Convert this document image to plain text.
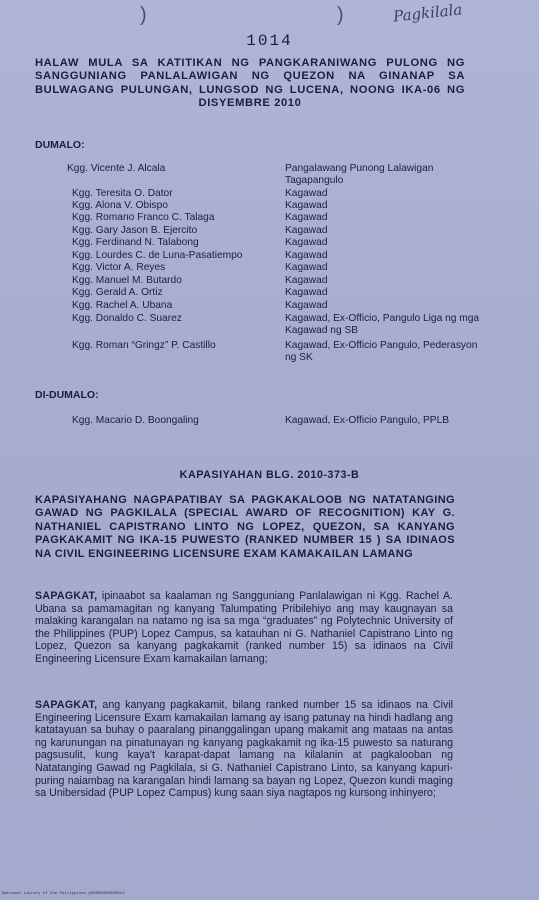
)	)	Pagkilala
1014
HALAW MULA SA KATITIKAN NG PANGKARANIWANG PULONG NG SANGGUNIANG PANLALAWIGAN NG QUEZON NA GINANAP SA BULWAGANG PULUNGAN, LUNGSOD NG LUCENA, NOONG IKA-06 NG DISYEMBRE 2010
DUMALO:
Kgg. Vicente J. Alcala	Pangalawang Punong Lalawigan Tagapangulo
Kgg. Teresita O. Dator	Kagawad
Kgg. Alona V. Obispo	Kagawad
Kgg. Romano Franco C. Talaga	Kagawad
Kgg. Gary Jason B. Ejercito	Kagawad
Kgg. Ferdinand N. Talabong	Kagawad
Kgg. Lourdes C. de Luna-Pasatiempo	Kagawad
Kgg. Victor A. Reyes	Kagawad
Kgg. Manuel M. Butardo	Kagawad
Kgg. Gerald A. Ortiz	Kagawad
Kgg. Rachel A. Ubana	Kagawad
Kgg. Donaldo C. Suarez	Kagawad, Ex-Officio, Pangulo Liga ng mga Kagawad ng SB
Kgg. Roman “Gringz” P. Castillo	Kagawad, Ex-Officio Pangulo, Pederasyon ng SK
DI-DUMALO:
Kgg. Macario D. Boongaling	Kagawad, Ex-Officio Pangulo, PPLB
KAPASIYAHAN BLG. 2010-373-B
KAPASIYAHANG NAGPAPATIBAY SA PAGKAKALOOB NG NATATANGING GAWAD NG PAGKILALA (SPECIAL AWARD OF RECOGNITION) KAY G. NATHANIEL CAPISTRANO LINTO NG LOPEZ, QUEZON, SA KANYANG PAGKAKAMIT NG IKA-15 PUWESTO (RANKED NUMBER 15 ) SA IDINAOS NA CIVIL ENGINEERING LICENSURE EXAM KAMAKAILAN LAMANG
SAPAGKAT, ipinaabot sa kaalaman ng Sangguniang Panlalawigan ni Kgg. Rachel A. Ubana sa pamamagitan ng kanyang Talumpating Pribilehiyo ang may kaugnayan sa malaking karangalan na natamo ng isa sa mga “graduates” ng Polytechnic University of the Philippines (PUP) Lopez Campus, sa katauhan ni G. Nathaniel Capistrano Linto ng Lopez, Quezon sa kanyang pagkakamit (ranked number 15) sa idinaos na Civil Engineering Licensure Exam kamakailan lamang;
SAPAGKAT, ang kanyang pagkakamit, bilang ranked number 15 sa idinaos na Civil Engineering Licensure Exam kamakailan lamang ay isang patunay na hindi hadlang ang katatayuan sa buhay o paaralang pinanggalingan upang makamit ang mataas na antas ng karunungan na pinatunayan ng kanyang pagkakamit ng ika-15 puwesto sa naturang pagsusulit, kung kaya't karapat-dapat lamang na kilalanin at pagkalooban ng Natatanging Gawad ng Pagkilala, si G. Nathaniel Capistrano Linto, sa kanyang kapuri-puring naiambag na karangalan hindi lamang sa bayan ng Lopez, Quezon kundi maging sa Unibersidad (PUP Lopez Campus) kung saan siya nagtapos ng kursong inhinyero;
National Library of the Philippines QS0000000000014
